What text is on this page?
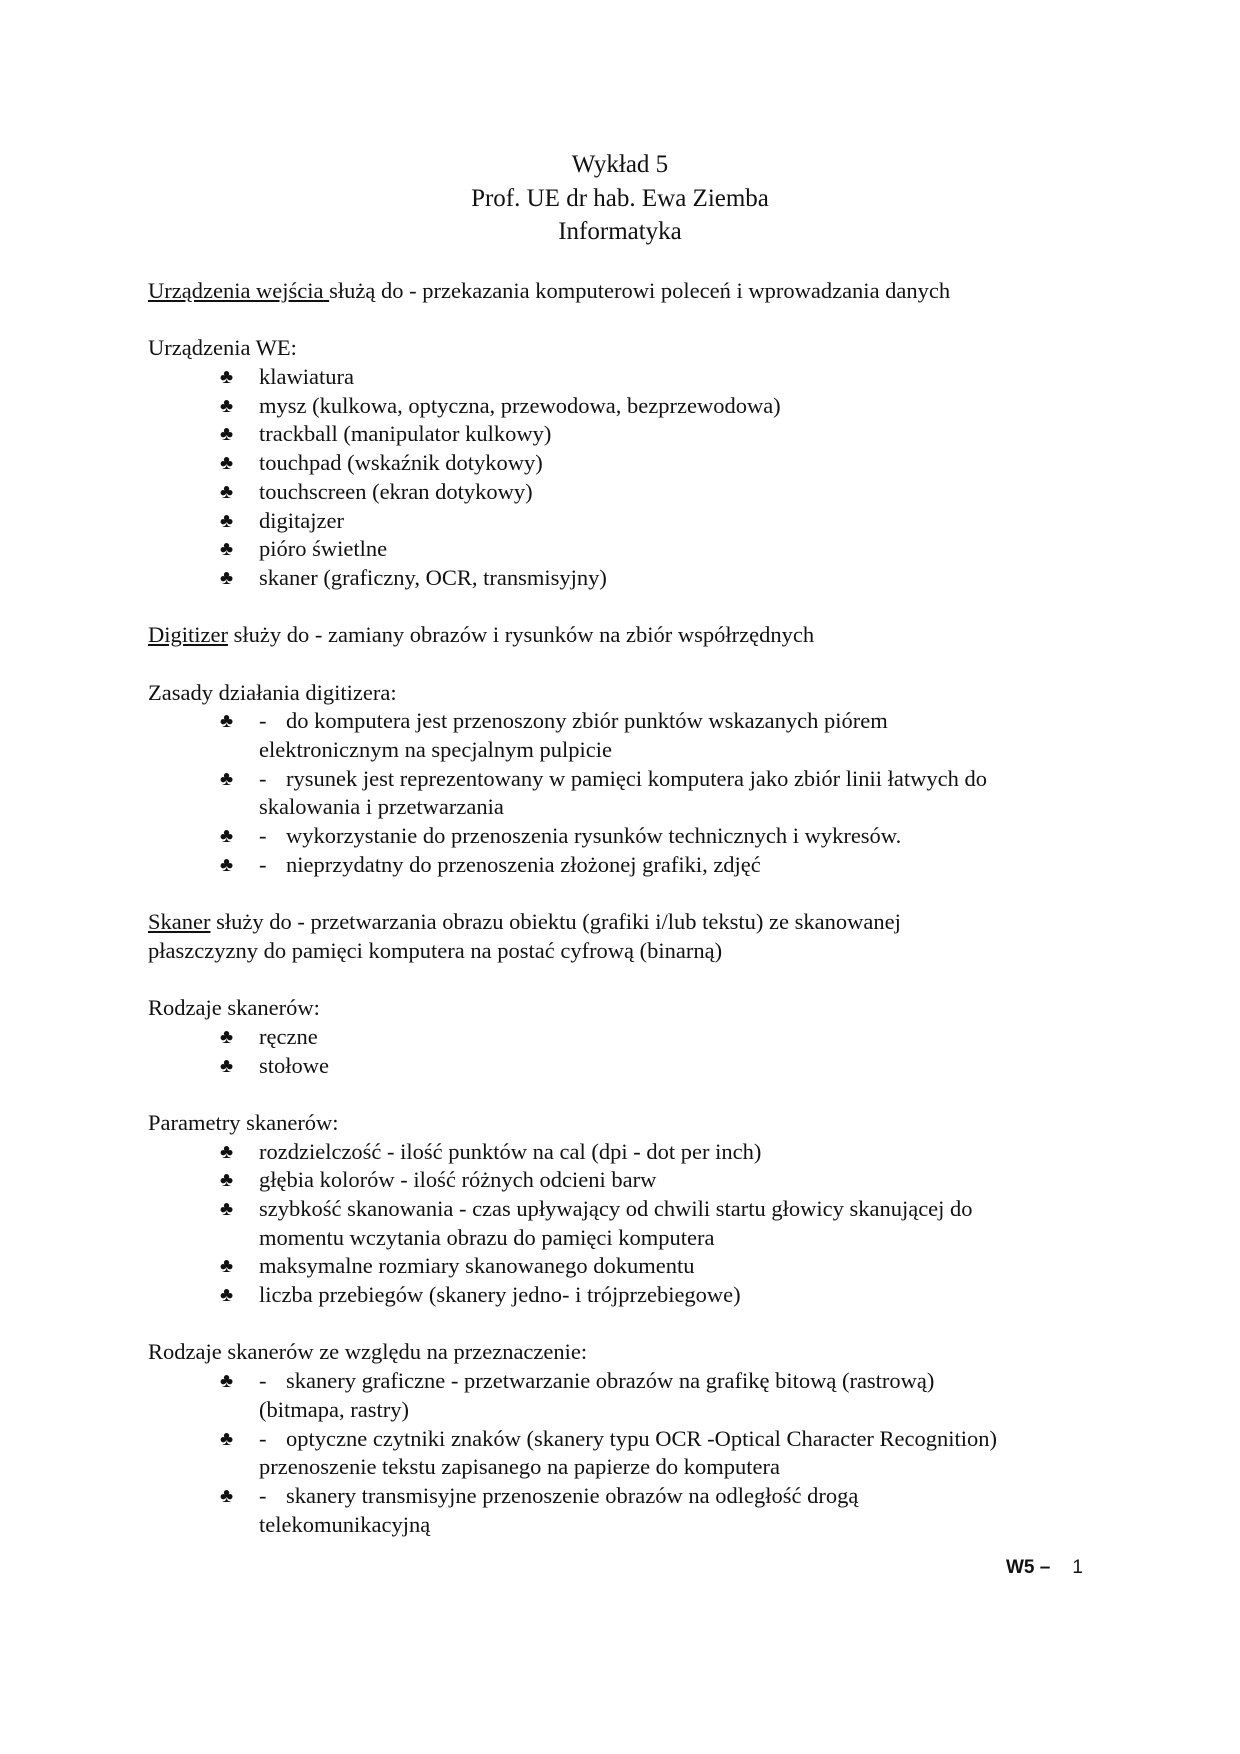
Wykład 5
Prof. UE dr hab. Ewa Ziemba
Informatyka
Urządzenia wejścia służą do - przekazania komputerowi poleceń i wprowadzania danych
Urządzenia WE:
♣ klawiatura
♣ mysz (kulkowa, optyczna, przewodowa, bezprzewodowa)
♣ trackball (manipulator kulkowy)
♣ touchpad (wskaźnik dotykowy)
♣ touchscreen (ekran dotykowy)
♣ digitajzer
♣ pióro świetlne
♣ skaner (graficzny, OCR, transmisyjny)
Digitizer służy do - zamiany obrazów i rysunków na zbiór współrzędnych
Zasady działania digitizera:
♣ - do komputera jest przenoszony zbiór punktów wskazanych piórem
elektronicznym na specjalnym pulpicie
♣ - rysunek jest reprezentowany w pamięci komputera jako zbiór linii łatwych do
skalowania i przetwarzania
♣ - wykorzystanie do przenoszenia rysunków technicznych i wykresów.
♣ - nieprzydatny do przenoszenia złożonej grafiki, zdjęć
Skaner służy do - przetwarzania obrazu obiektu (grafiki i/lub tekstu) ze skanowanej
płaszczyzny do pamięci komputera na postać cyfrową (binarną)
Rodzaje skanerów:
♣ ręczne
♣ stołowe
Parametry skanerów:
♣ rozdzielczość - ilość punktów na cal (dpi - dot per inch)
♣ głębia kolorów - ilość różnych odcieni barw
♣ szybkość skanowania - czas upływający od chwili startu głowicy skanującej do
momentu wczytania obrazu do pamięci komputera
♣ maksymalne rozmiary skanowanego dokumentu
♣ liczba przebiegów (skanery jedno- i trójprzebiegowe)
Rodzaje skanerów ze względu na przeznaczenie:
♣ - skanery graficzne - przetwarzanie obrazów na grafikę bitową (rastrową)
(bitmapa, rastry)
♣ - optyczne czytniki znaków (skanery typu OCR -Optical Character Recognition)
przenoszenie tekstu zapisanego na papierze do komputera
♣ - skanery transmisyjne przenoszenie obrazów na odległość drogą
telekomunikacyjną
W5 – 1
